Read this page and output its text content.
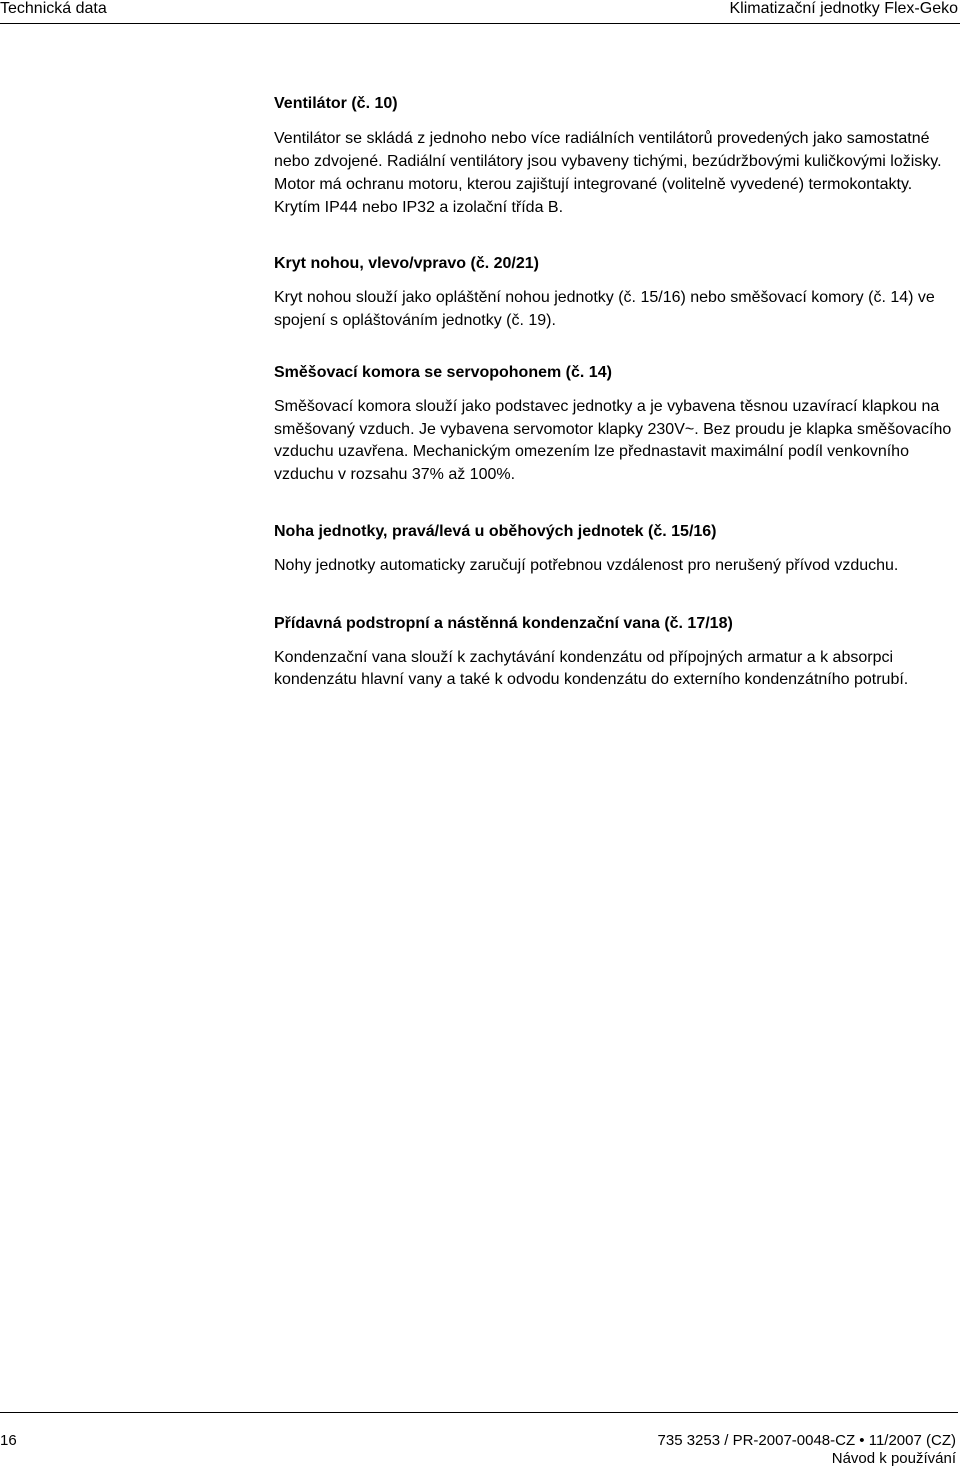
Technická data	Klimatizační jednotky Flex-Geko
Ventilátor (č. 10)
Ventilátor se skládá z jednoho nebo více radiálních ventilátorů provedených jako samostatné nebo zdvojené. Radiální ventilátory jsou vybaveny tichými, bezúdržbovými kuličkovými ložisky. Motor má ochranu motoru, kterou zajištují integrované (volitelně vyvedené) termokontakty. Krytím IP44 nebo IP32 a izolační třída B.
Kryt nohou, vlevo/vpravo (č. 20/21)
Kryt nohou slouží jako opláštění nohou jednotky (č. 15/16) nebo směšovací komory (č. 14) ve spojení s opláštováním jednotky (č. 19).
Směšovací komora se servopohonem (č. 14)
Směšovací komora slouží jako podstavec jednotky a je vybavena těsnou uzavírací klapkou na směšovaný vzduch. Je vybavena servomotor klapky 230V~. Bez proudu je klapka směšovacího vzduchu uzavřena. Mechanickým omezením lze přednastavit maximální podíl venkovního vzduchu v rozsahu 37% až 100%.
Noha jednotky, pravá/levá u oběhových jednotek (č. 15/16)
Nohy jednotky automaticky zaručují potřebnou vzdálenost pro nerušený přívod vzduchu.
Přídavná podstropní a nástěnná kondenzační vana (č. 17/18)
Kondenzační vana slouží k zachytávání kondenzátu od přípojných armatur a k absorpci kondenzátu hlavní vany a také k odvodu kondenzátu do externího kondenzátního potrubí.
16	735 3253 / PR-2007-0048-CZ • 11/2007 (CZ)
Návod k používání
